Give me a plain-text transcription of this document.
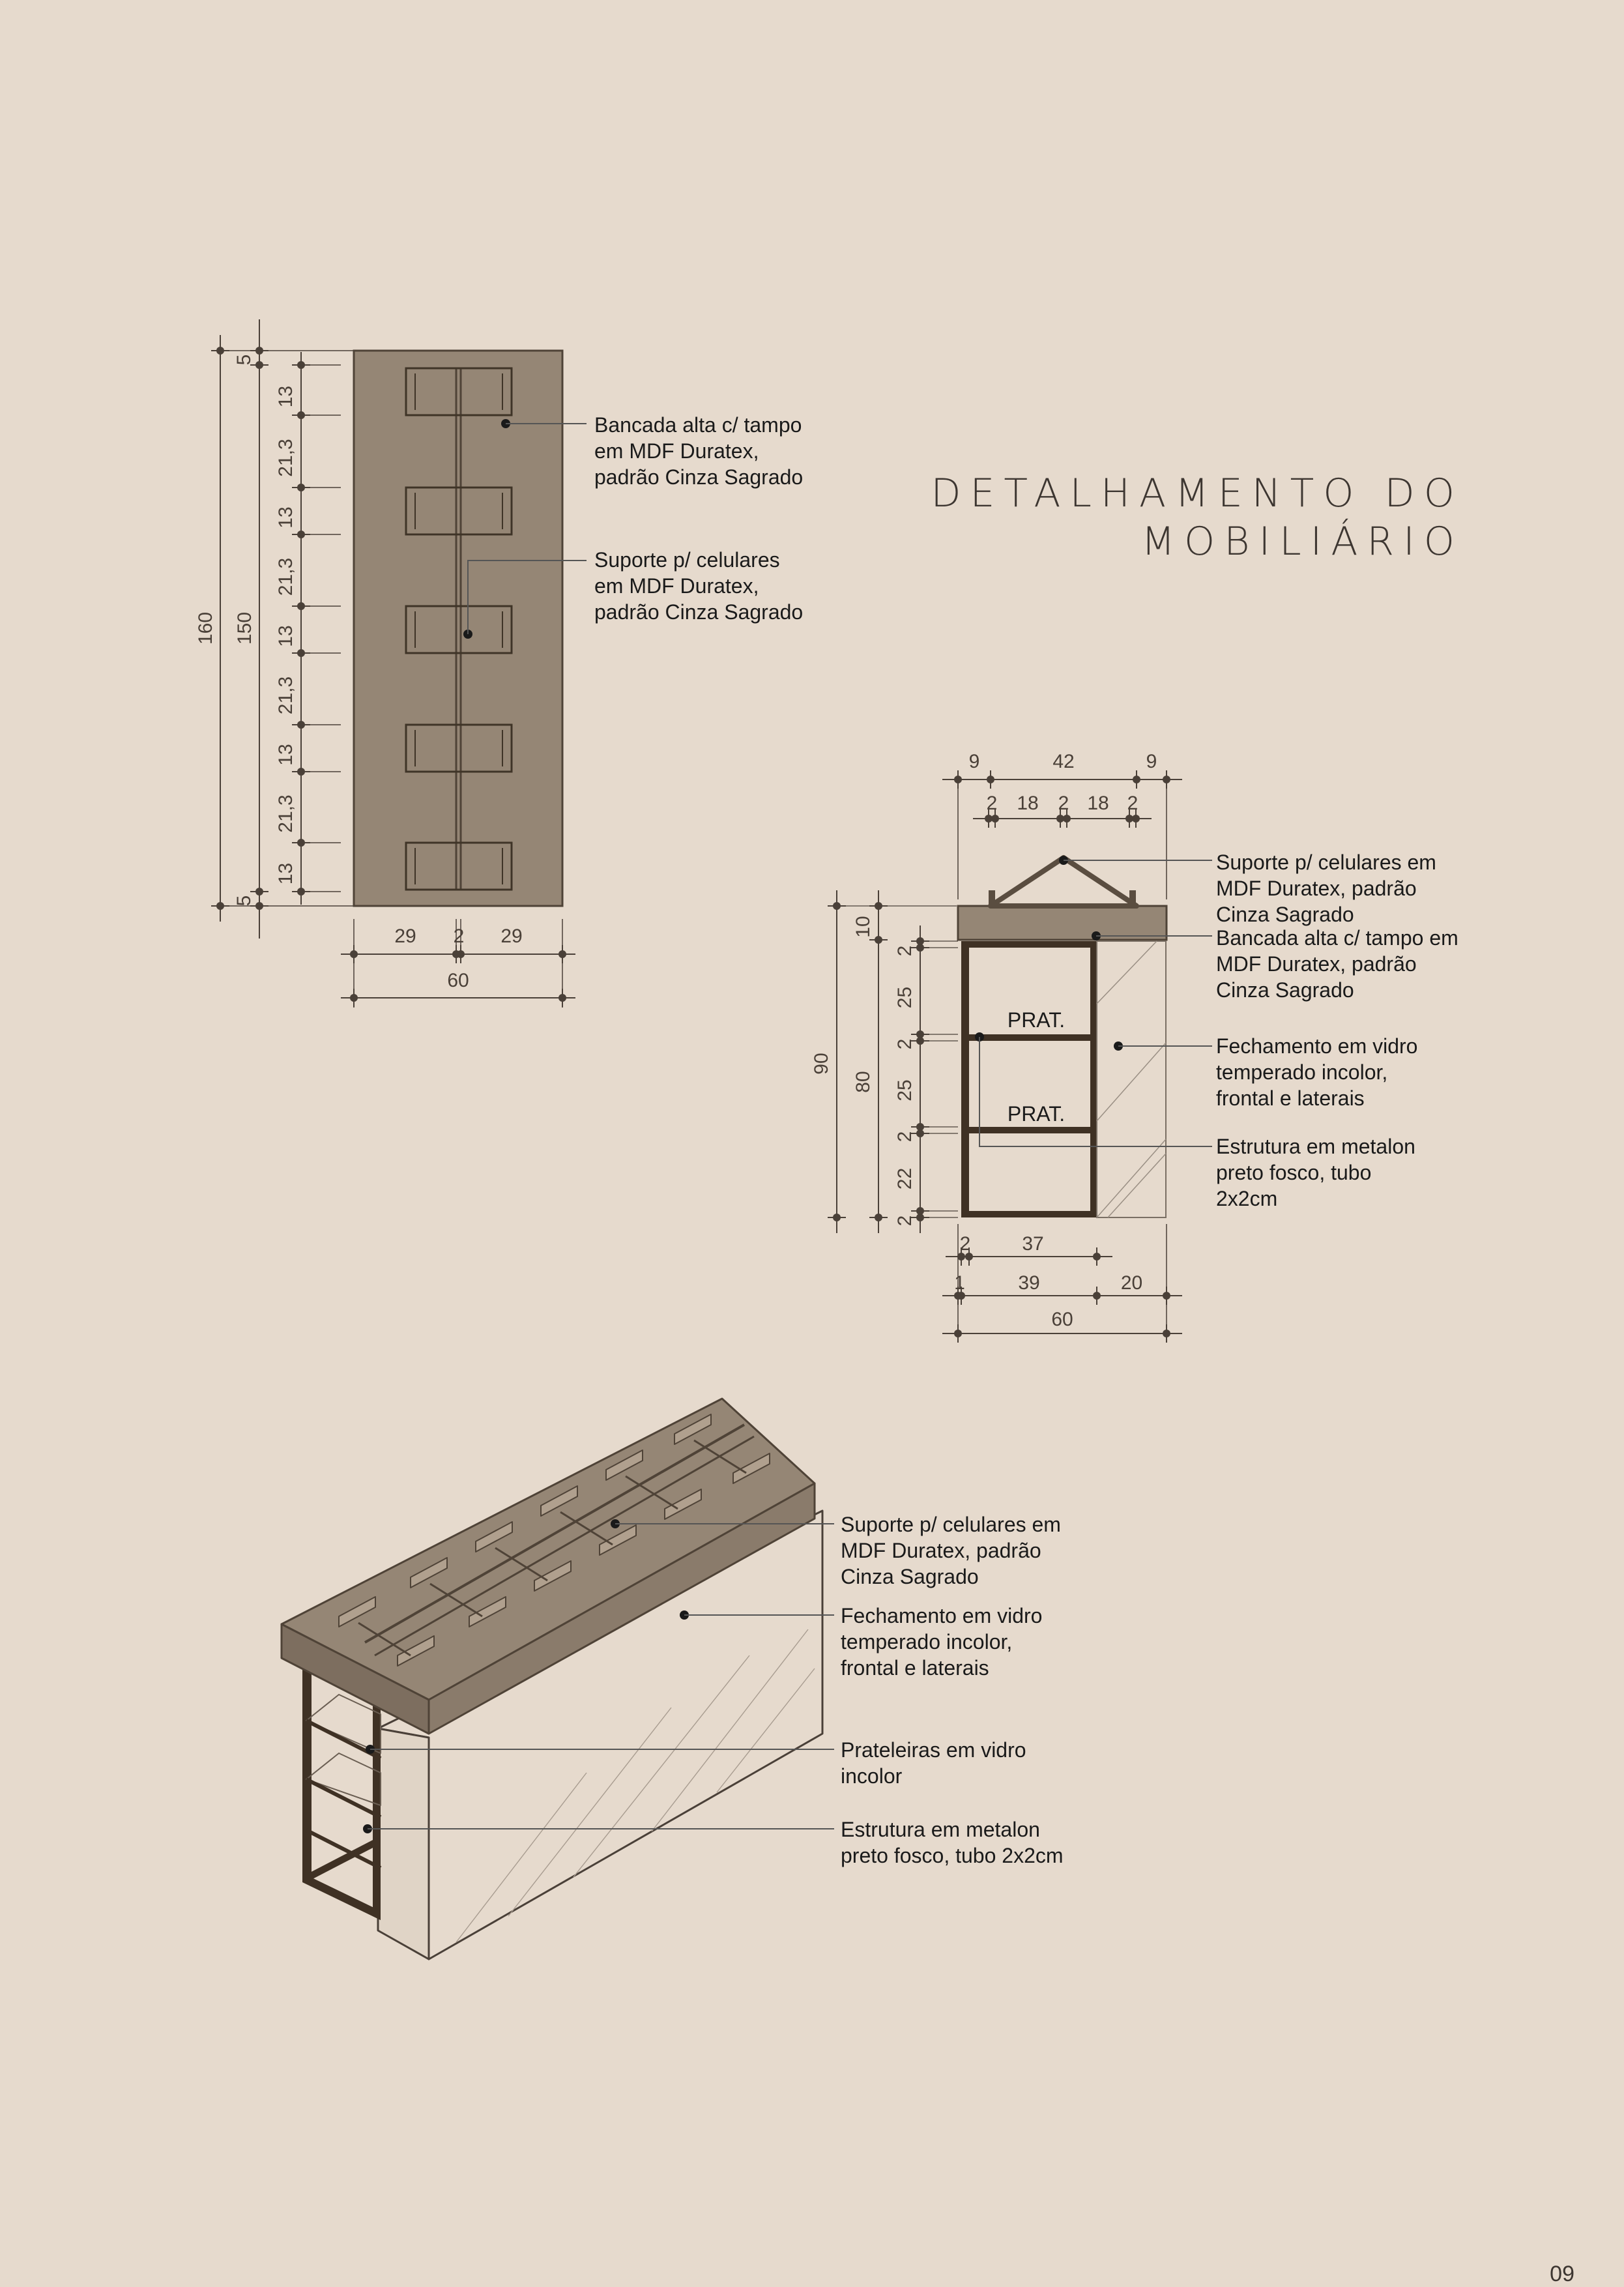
DETALHAMENTO DO
MOBILIÁRIO
09
160 150
5
5
13
21,3
13
21,3
13
21,3
13
21,3
13
29 2 29
60
Bancada alta c/ tampo em MDF Duratex, padrão Cinza Sagrado
Suporte p/ celulares em MDF Duratex, padrão Cinza Sagrado
PRAT.
PRAT.
9	42	9
2 18 2 18 2
90
10
80
2
25
2
25
2
22
2
2	37
1	39	20
60
Suporte p/ celulares em MDF Duratex, padrão Cinza Sagrado
Bancada alta c/ tampo em MDF Duratex, padrão Cinza Sagrado
Fechamento em vidro temperado incolor, frontal e laterais
Estrutura em metalon preto fosco, tubo 2x2cm
Suporte p/ celulares em MDF Duratex, padrão Cinza Sagrado
Fechamento em vidro temperado incolor, frontal e laterais
Prateleiras em vidro incolor
Estrutura em metalon preto fosco, tubo 2x2cm
